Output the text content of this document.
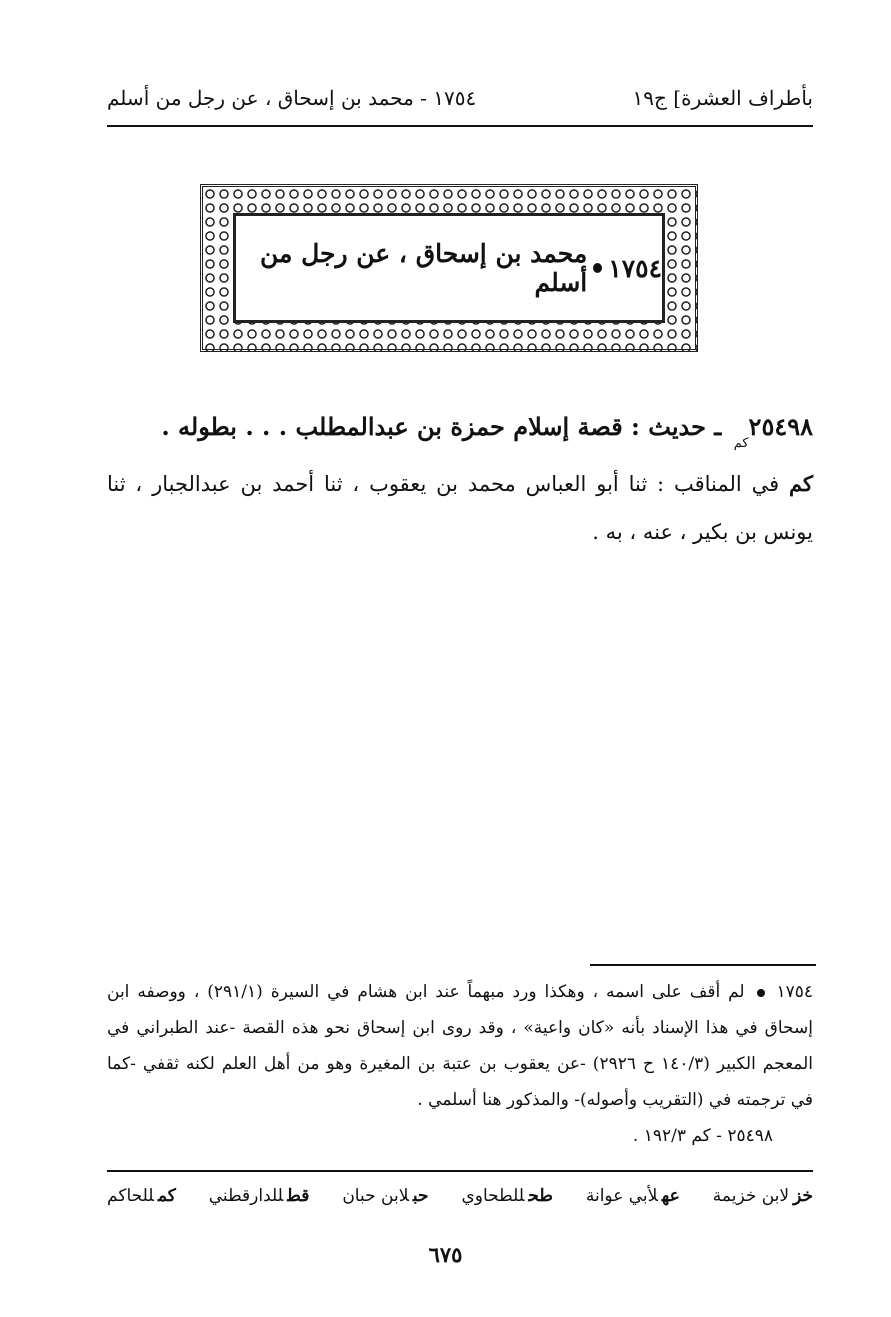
بأطراف العشرة] ج١٩
١٧٥٤ - محمد بن إسحاق ، عن رجل من أسلم
١٧٥٤
محمد بن إسحاق ، عن رجل من أسلم
$٢٥٤٩٨_{كم}$ ـ حديث : قصة إسلام حمزة بن عبدالمطلب . . . بطوله .
كم في المناقب : ثنا أبو العباس محمد بن يعقوب ، ثنا أحمد بن عبدالجبار ، ثنا يونس بن بكير ، عنه ، به .
١٧٥٤  لم أقف على اسمه ، وهكذا ورد مبهماً عند ابن هشام في السيرة (٢٩١/١) ، ووصفه ابن إسحاق في هذا الإسناد بأنه «كان واعية» ، وقد روى ابن إسحاق نحو هذه القصة -عند الطبراني في المعجم الكبير (١٤٠/٣ ح ٢٩٢٦) -عن يعقوب بن عتبة بن المغيرة وهو من أهل العلم لكنه ثقفي -كما في ترجمته في (التقريب وأصوله)- والمذكور هنا أسلمي .
٢٥٤٩٨ - كم ١٩٢/٣ .
خزلابن خزيمة
عهلأبي عوانة
طحللطحاوي
حبلابن حبان
قطللدارقطني
كمللحاكم
٦٧٥
